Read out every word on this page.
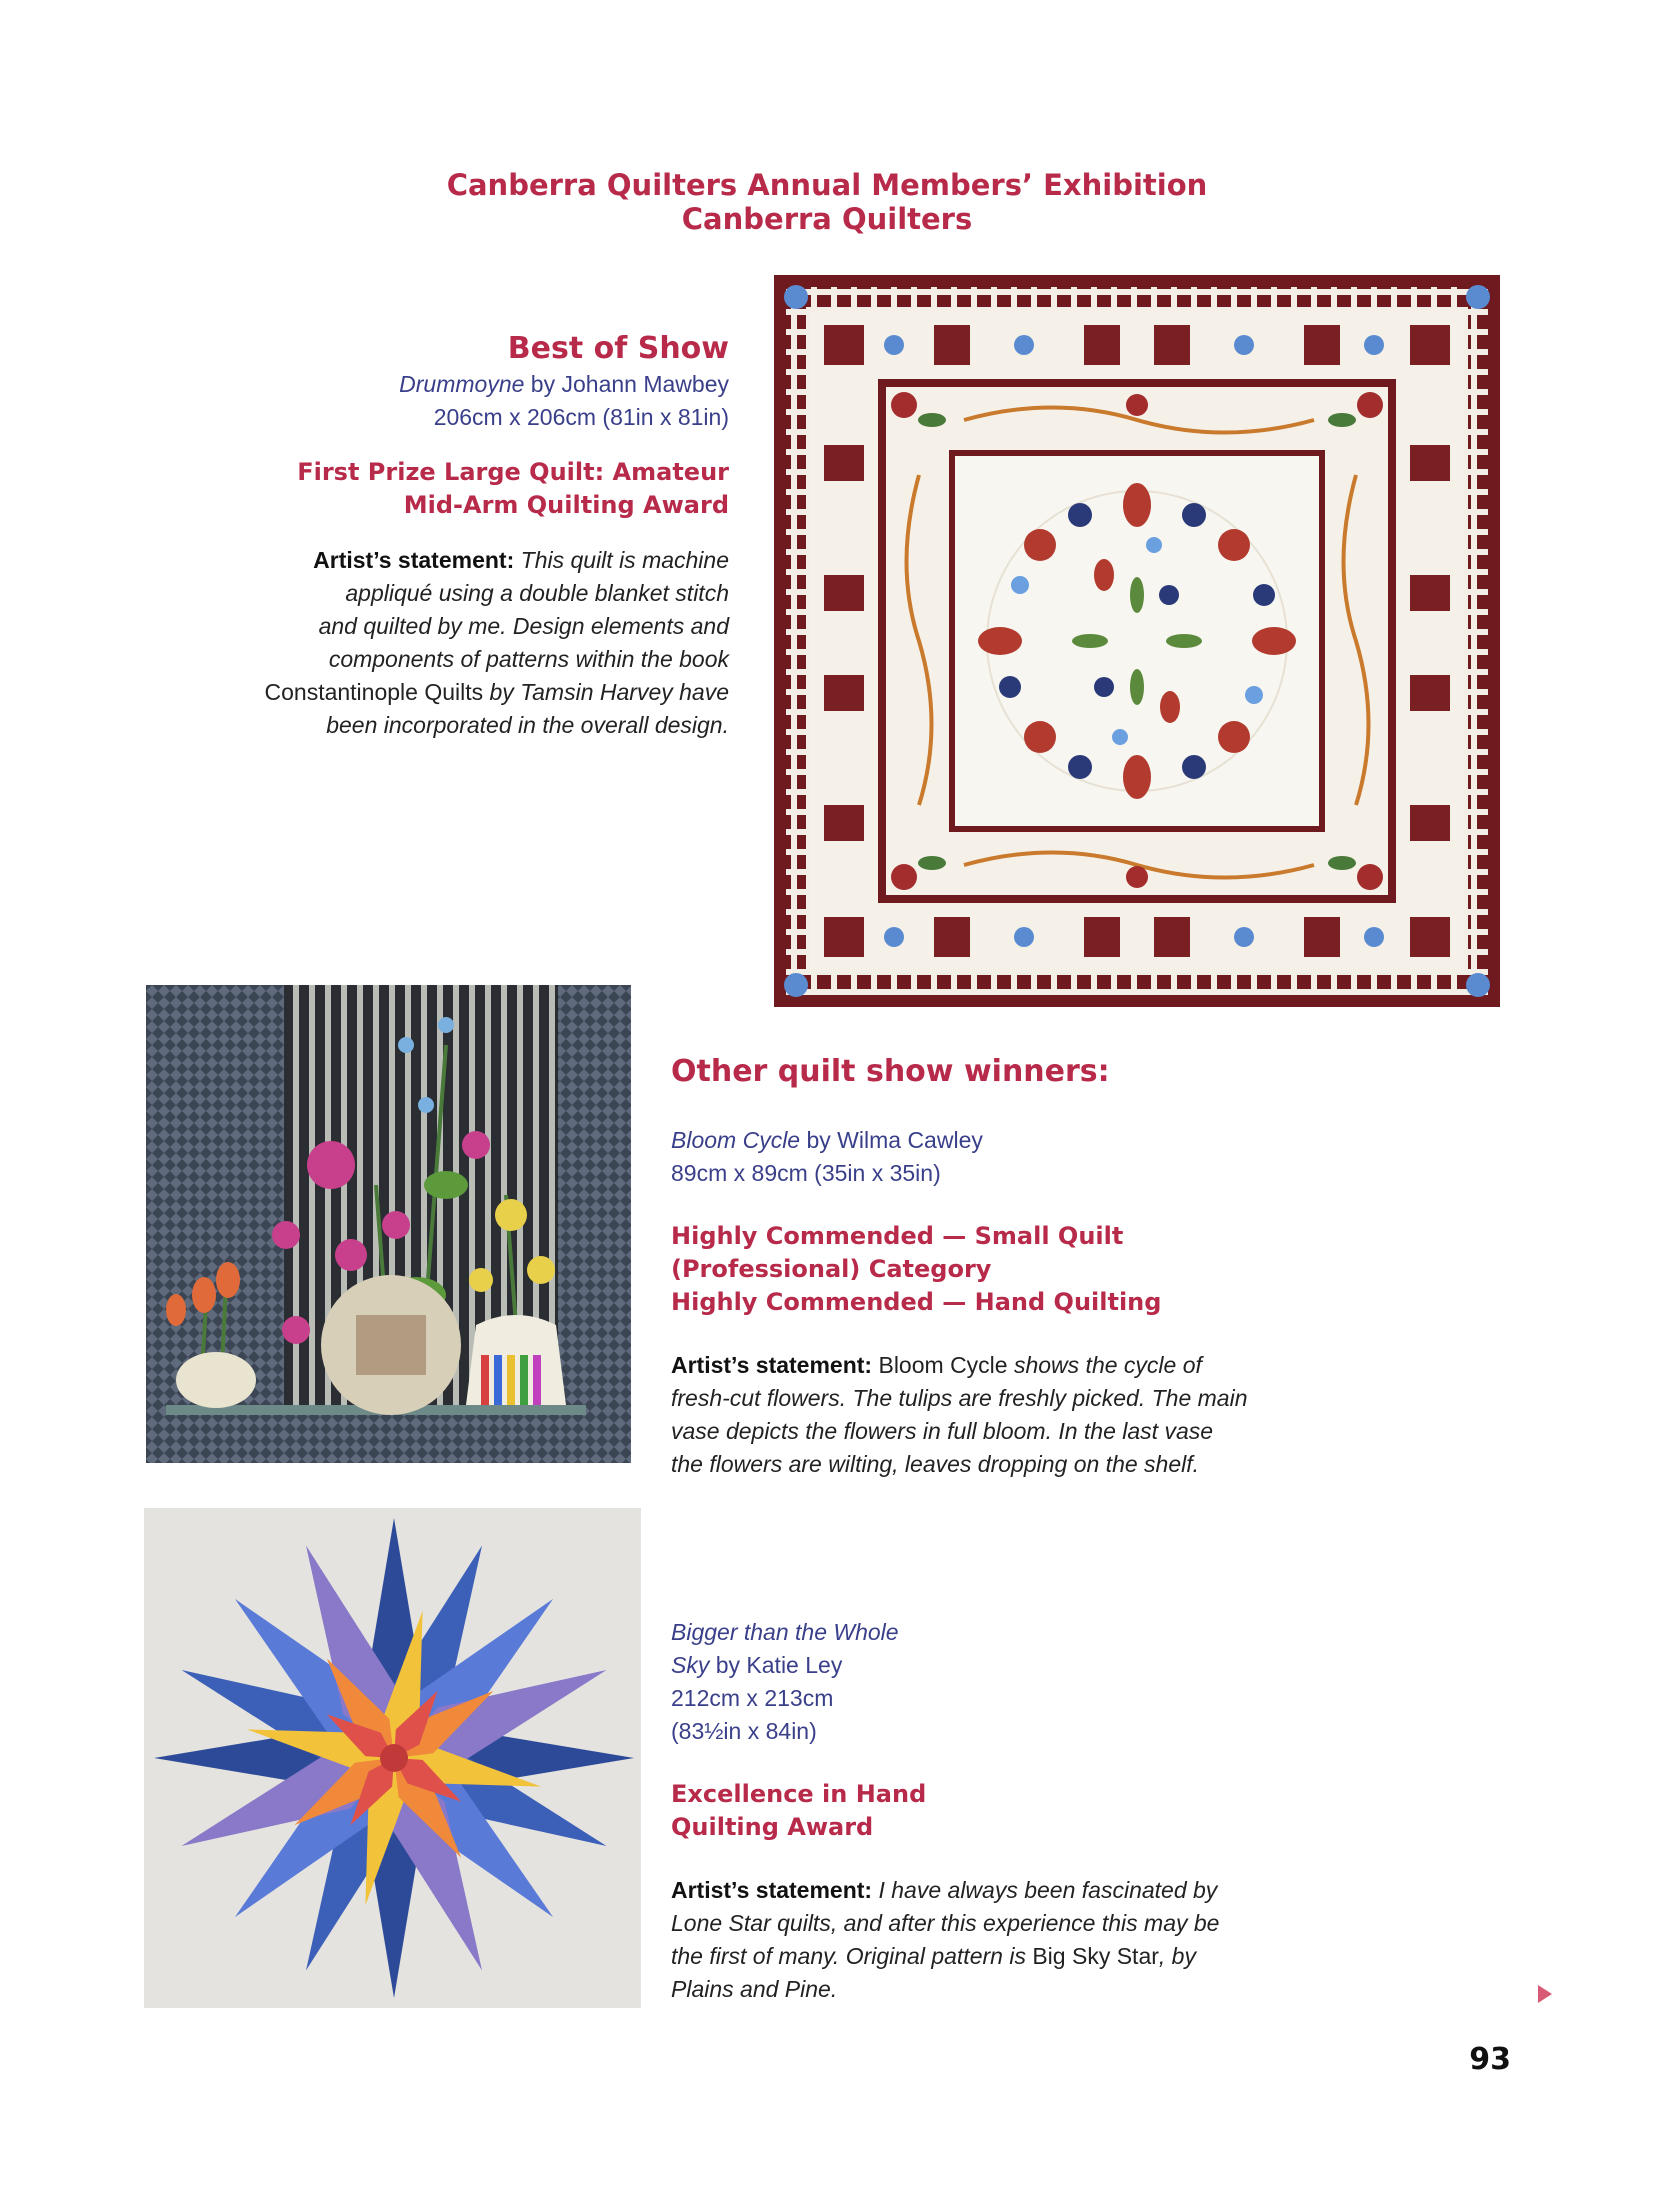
Canberra Quilters Annual Members’ Exhibition
Canberra Quilters
Best of Show
Drummoyne by Johann Mawbey
206cm x 206cm (81in x 81in)
First Prize Large Quilt: Amateur
Mid-Arm Quilting Award
Artist’s statement: This quilt is machine
appliqué using a double blanket stitch
and quilted by me. Design elements and
components of patterns within the book
Constantinople Quilts by Tamsin Harvey have
been incorporated in the overall design.
Other quilt show winners:
Bloom Cycle by Wilma Cawley
89cm x 89cm (35in x 35in)
Highly Commended — Small Quilt
(Professional) Category
Highly Commended — Hand Quilting
Artist’s statement: Bloom Cycle shows the cycle of
fresh-cut flowers. The tulips are freshly picked. The main
vase depicts the flowers in full bloom. In the last vase
the flowers are wilting, leaves dropping on the shelf.
Bigger than the Whole
Sky by Katie Ley
212cm x 213cm
(83½in x 84in)
Excellence in Hand
Quilting Award
Artist’s statement: I have always been fascinated by
Lone Star quilts, and after this experience this may be
the first of many. Original pattern is Big Sky Star, by
Plains and Pine.
93
